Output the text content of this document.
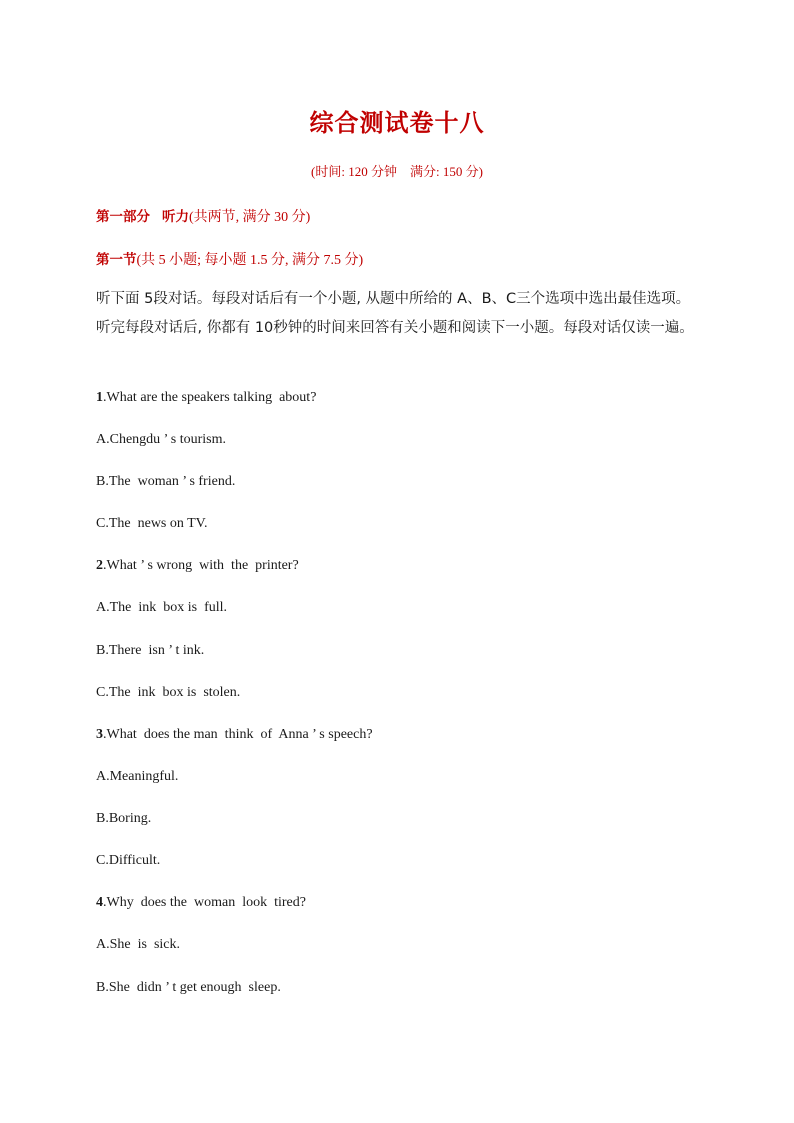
综合测试卷十八
(时间: 120 分钟　满分: 150 分)
第一部分 听力(共两节, 满分 30 分)
第一节(共 5 小题; 每小题 1.5 分, 满分 7.5 分)
听下面 5段对话。每段对话后有一个小题, 从题中所给的 A、B、C三个选项中选出最佳选项。听完每段对话后, 你都有 10秒钟的时间来回答有关小题和阅读下一小题。每段对话仅读一遍。
1.What are the speakers talking  about?
A.Chengdu ’ s tourism.
B.The  woman ’ s friend.
C.The  news on TV.
2.What ’ s wrong  with  the  printer?
A.The  ink  box is  full.
B.There  isn ’ t ink.
C.The  ink  box is  stolen.
3.What  does the man  think  of  Anna ’ s speech?
A.Meaningful.
B.Boring.
C.Difficult.
4.Why  does the  woman  look  tired?
A.She  is  sick.
B.She  didn ’ t get enough  sleep.
